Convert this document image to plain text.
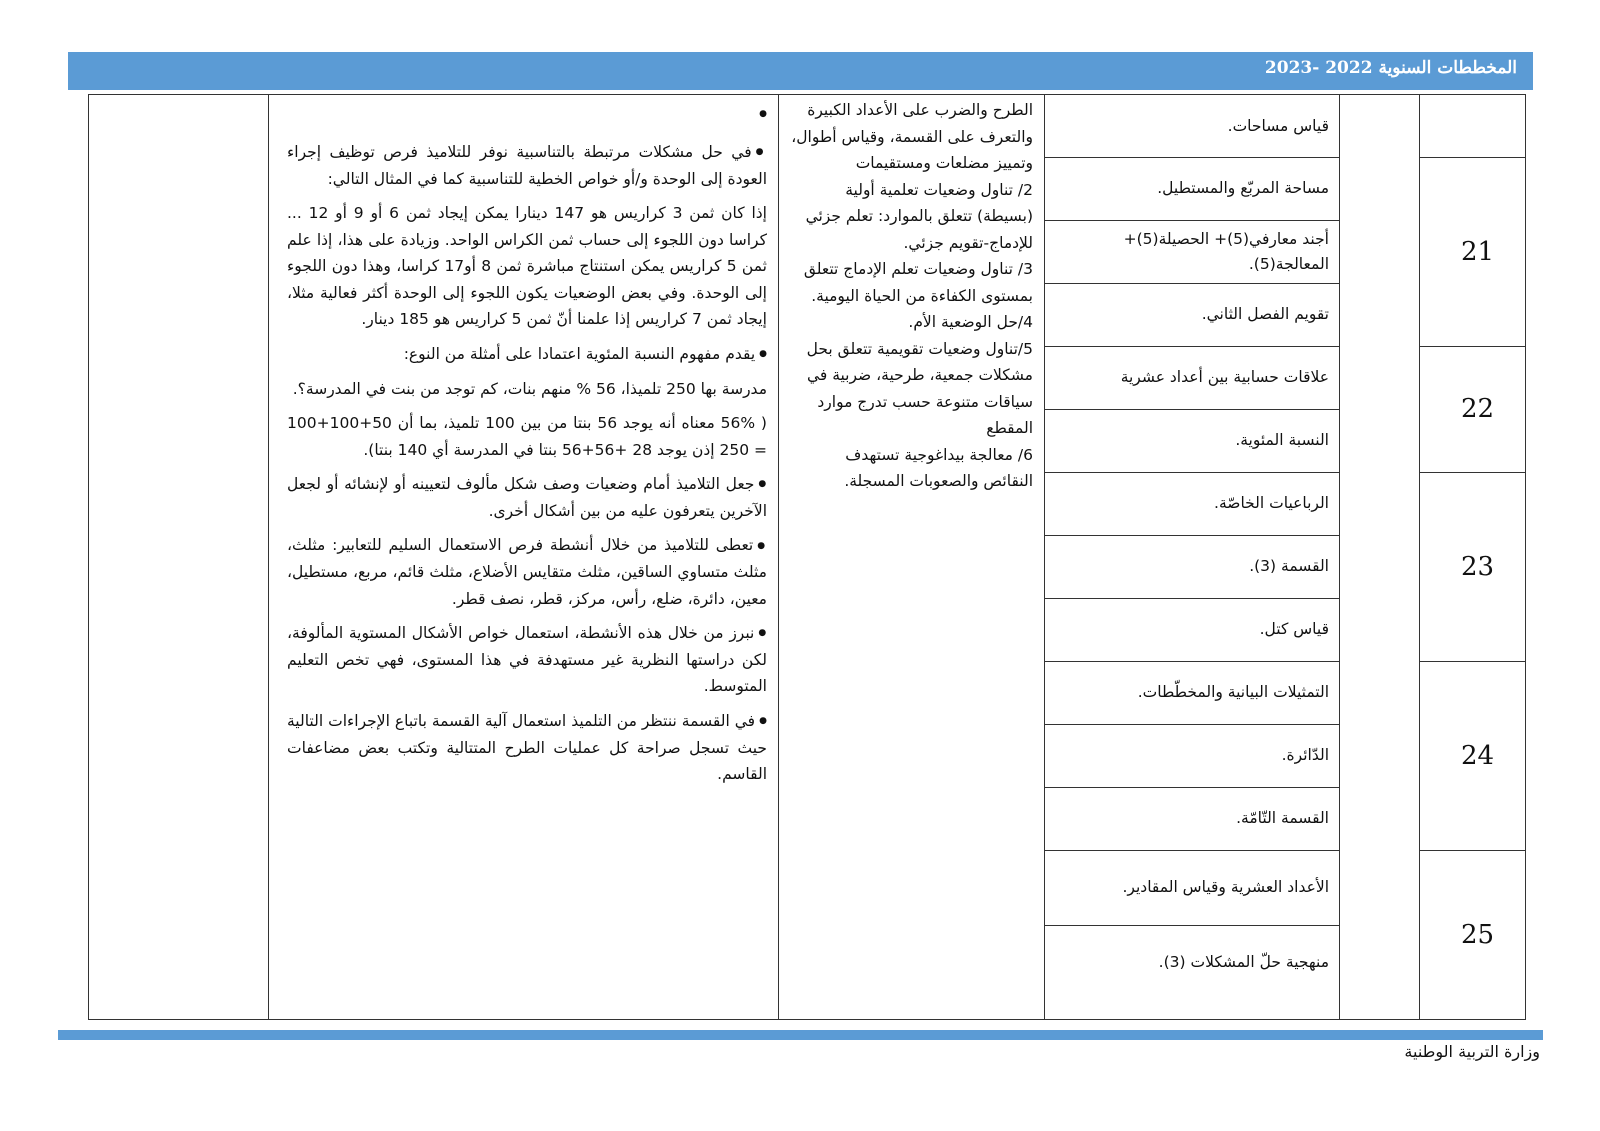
المخططات السنوية 2022 -2023
21
22
23
24
25
قياس مساحات.
مساحة المربّع والمستطيل.
أجند معارفي(5)+ الحصيلة(5)+ المعالجة(5).
تقويم الفصل الثاني.
علاقات حسابية بين أعداد عشرية
النسبة المئوية.
الرباعيات الخاصّة.
القسمة (3).
قياس كتل.
التمثيلات البيانية والمخطّطات.
الدّائرة.
القسمة التّامّة.
الأعداد العشرية وقياس المقادير.
منهجية حلّ المشكلات (3).
الطرح والضرب على الأعداد الكبيرة والتعرف على القسمة، وقياس أطوال، وتمييز مضلعات ومستقيمات
2/ تناول وضعيات تعلمية أولية (بسيطة) تتعلق بالموارد: تعلم جزئي للإدماج-تقويم جزئي.
3/ تناول وضعيات تعلم الإدماج تتعلق بمستوى الكفاءة من الحياة اليومية.
4/حل الوضعية الأم.
5/تناول وضعيات تقويمية تتعلق بحل مشكلات جمعية، طرحية، ضربية في سياقات متنوعة حسب تدرج موارد المقطع
6/ معالجة بيداغوجية تستهدف النقائص والصعوبات المسجلة.
●
● في حل مشكلات مرتبطة بالتناسبية نوفر للتلاميذ فرص توظيف إجراء العودة إلى الوحدة و/أو خواص الخطية للتناسبية كما في المثال التالي:
إذا كان ثمن 3 كراريس هو 147 دينارا يمكن إيجاد ثمن 6 أو 9 أو 12 ... كراسا دون اللجوء إلى حساب ثمن الكراس الواحد. وزيادة على هذا، إذا علم ثمن 5 كراريس يمكن استنتاج مباشرة ثمن 8 أو17 كراسا، وهذا دون اللجوء إلى الوحدة. وفي بعض الوضعيات يكون اللجوء إلى الوحدة أكثر فعالية مثلا، إيجاد ثمن 7 كراريس إذا علمنا أنّ ثمن 5 كراريس هو 185 دينار.
● يقدم مفهوم النسبة المئوية اعتمادا على أمثلة من النوع:
مدرسة بها 250 تلميذا، 56 % منهم بنات، كم توجد من بنت في المدرسة؟.
( 56% معناه أنه يوجد 56 بنتا من بين 100 تلميذ، بما أن 50+100+100 = 250 إذن يوجد 28 +56+56 بنتا في المدرسة أي 140 بنتا).
● جعل التلاميذ أمام وضعيات وصف شكل مألوف لتعيينه أو لإنشائه أو لجعل الآخرين يتعرفون عليه من بين أشكال أخرى.
● تعطى للتلاميذ من خلال أنشطة فرص الاستعمال السليم للتعابير: مثلث، مثلث متساوي الساقين، مثلث متقايس الأضلاع، مثلث قائم، مربع، مستطيل، معين، دائرة، ضلع، رأس، مركز، قطر، نصف قطر.
● نبرز من خلال هذه الأنشطة، استعمال خواص الأشكال المستوية المألوفة، لكن دراستها النظرية غير مستهدفة في هذا المستوى، فهي تخص التعليم المتوسط.
● في القسمة ننتظر من التلميذ استعمال آلية القسمة باتباع الإجراءات التالية حيث تسجل صراحة كل عمليات الطرح المتتالية وتكتب بعض مضاعفات القاسم.
وزارة التربية الوطنية
